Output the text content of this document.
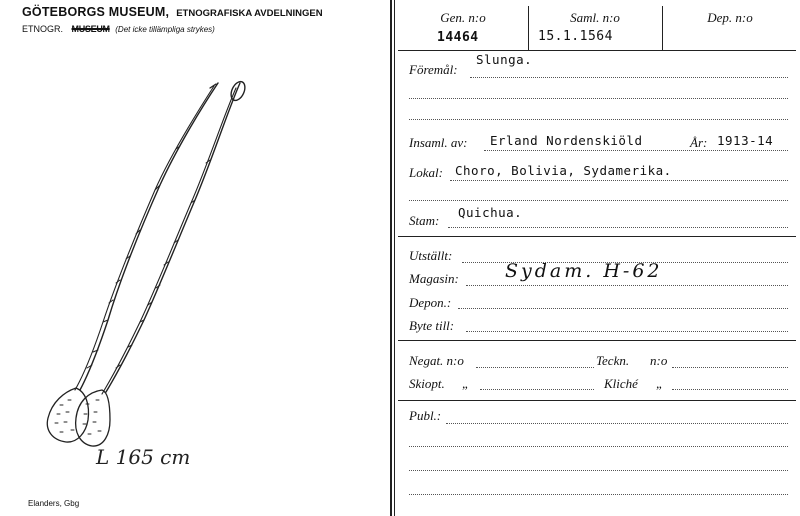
GÖTEBORGS MUSEUM, ETNOGRAFISKA AVDELNINGEN
ETNOGR. MUSEUM (Det icke tillämpliga strykes)
L 165 cm
Elanders, Gbg
Gen. n:o	Saml. n:o	Dep. n:o
14464	15.1.1564
Föremål:
Slunga.
Insaml. av: Erland Nordenskiöld	År: 1913-14
Lokal: Choro, Bolivia, Sydamerika.
Stam:
Quichua.
Utställt:
Magasin: Sydam. H-62
Depon.:
Byte till:
Negat. n:o	Teckn. n:o
Skiopt. „	Kliché „
Publ.:
